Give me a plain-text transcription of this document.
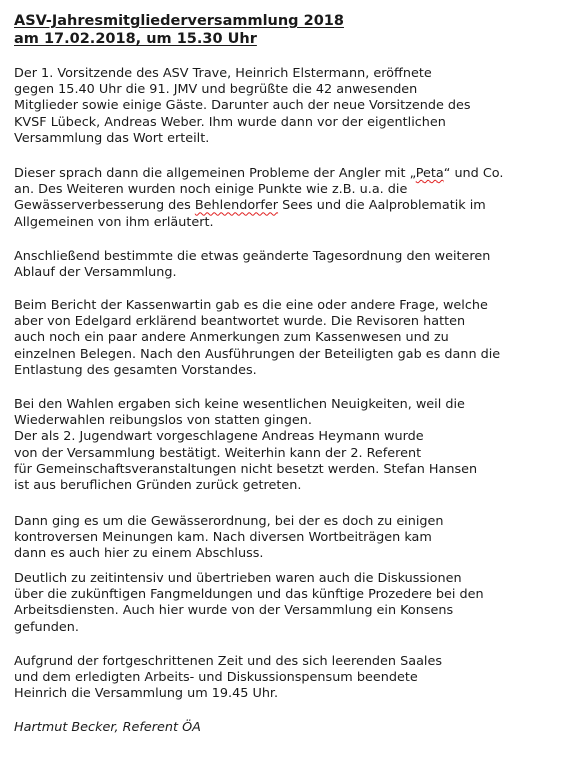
ASV-Jahresmitgliederversammlung 2018

am 17.02.2018, um 15.30 Uhr

Der 1. Vorsitzende des ASV Trave, Heinrich Elstermann, eröffnete

gegen 15.40 Uhr die 91. JMV und begrüßte die 42 anwesenden

Mitglieder sowie einige Gäste. Darunter auch der neue Vorsitzende des

KVSF Lübeck, Andreas Weber. Ihm wurde dann vor der eigentlichen

Versammlung das Wort erteilt.

Dieser sprach dann die allgemeinen Probleme der Angler mit „Peta“ und Co.

an. Des Weiteren wurden noch einige Punkte wie z.B. u.a. die

Gewässerverbesserung des Behlendorfer Sees und die Aalproblematik im

Allgemeinen von ihm erläutert.

Anschließend bestimmte die etwas geänderte Tagesordnung den weiteren

Ablauf der Versammlung.

Beim Bericht der Kassenwartin gab es die eine oder andere Frage, welche

aber von Edelgard erklärend beantwortet wurde. Die Revisoren hatten

auch noch ein paar andere Anmerkungen zum Kassenwesen und zu

einzelnen Belegen. Nach den Ausführungen der Beteiligten gab es dann die

Entlastung des gesamten Vorstandes.

Bei den Wahlen ergaben sich keine wesentlichen Neuigkeiten, weil die

Wiederwahlen reibungslos von statten gingen.

Der als 2. Jugendwart vorgeschlagene Andreas Heymann wurde

von der Versammlung bestätigt. Weiterhin kann der 2. Referent

für Gemeinschaftsveranstaltungen nicht besetzt werden. Stefan Hansen

ist aus beruflichen Gründen zurück getreten.

Dann ging es um die Gewässerordnung, bei der es doch zu einigen

kontroversen Meinungen kam. Nach diversen Wortbeiträgen kam

dann es auch hier zu einem Abschluss.

Deutlich zu zeitintensiv und übertrieben waren auch die Diskussionen

über die zukünftigen Fangmeldungen und das künftige Prozedere bei den

Arbeitsdiensten. Auch hier wurde von der Versammlung ein Konsens

gefunden.

Aufgrund der fortgeschrittenen Zeit und des sich leerenden Saales

und dem erledigten Arbeits- und Diskussionspensum beendete

Heinrich die Versammlung um 19.45 Uhr.

Hartmut Becker, Referent ÖA
